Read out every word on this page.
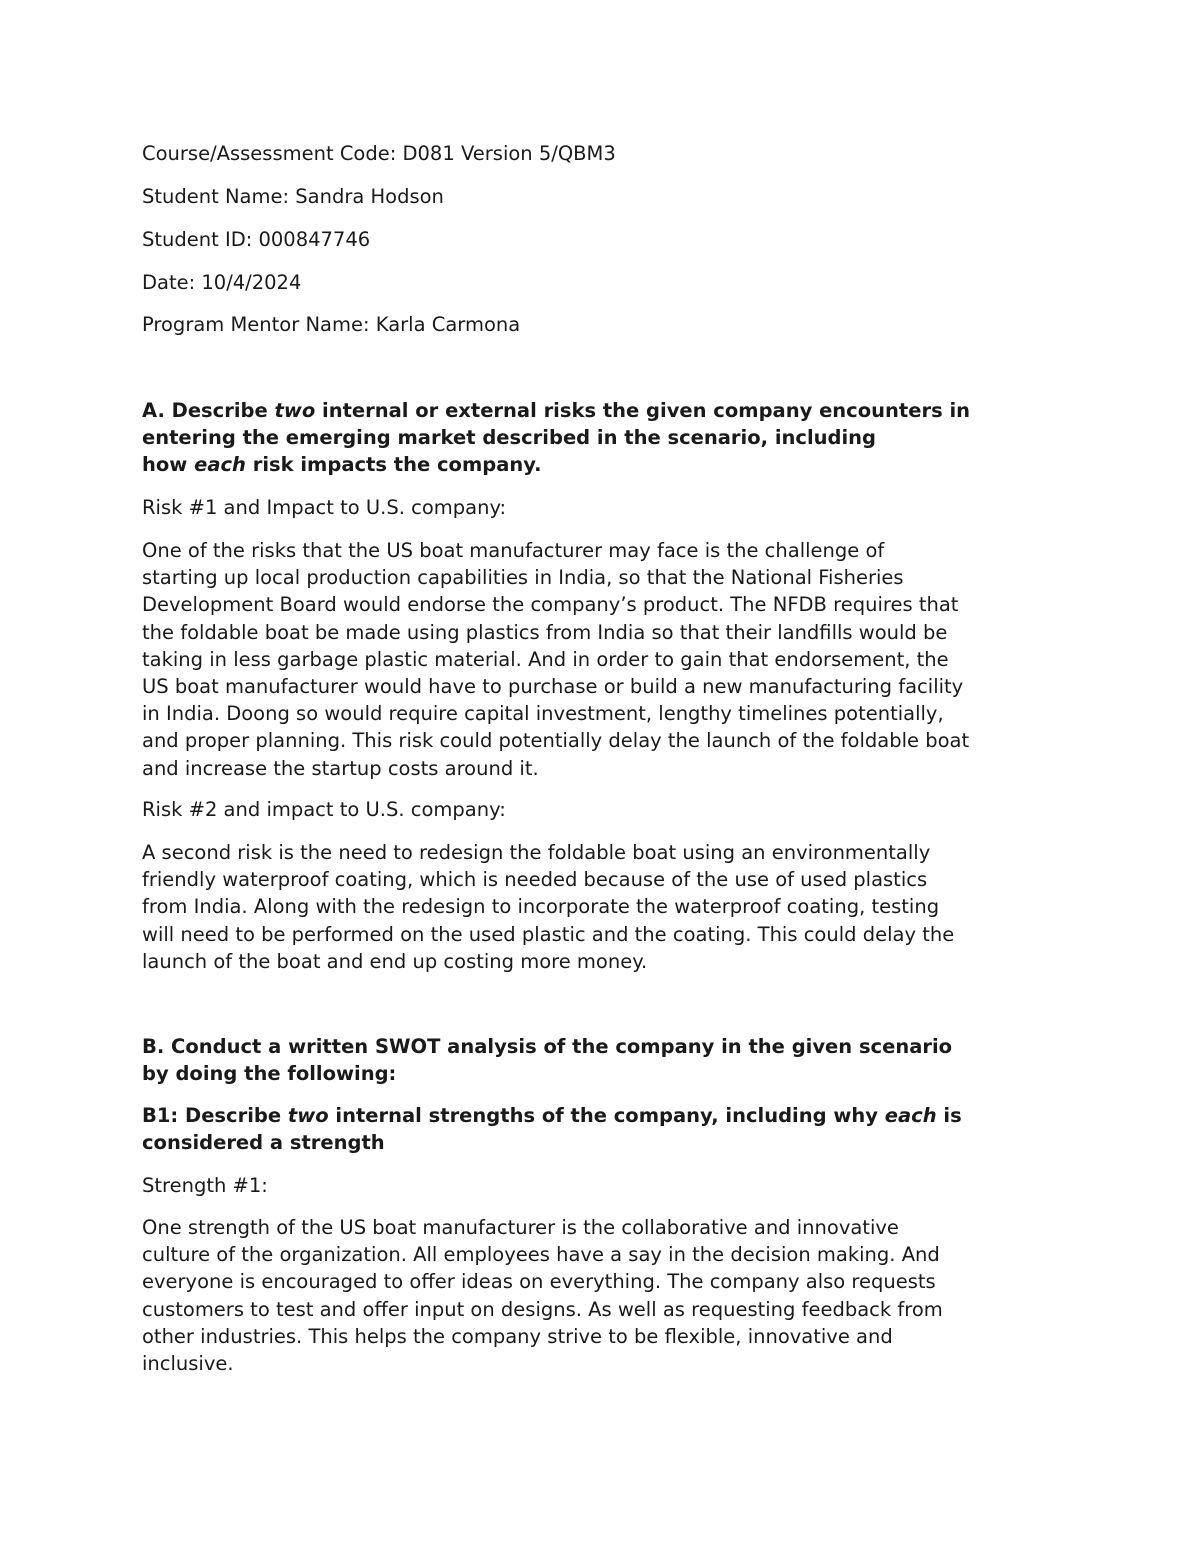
Course/Assessment Code: D081 Version 5/QBM3
Student Name: Sandra Hodson
Student ID: 000847746
Date: 10/4/2024
Program Mentor Name: Karla Carmona
A. Describe two internal or external risks the given company encounters in
entering the emerging market described in the scenario, including
how each risk impacts the company.
Risk #1 and Impact to U.S. company:
One of the risks that the US boat manufacturer may face is the challenge of
starting up local production capabilities in India, so that the National Fisheries
Development Board would endorse the company’s product. The NFDB requires that
the foldable boat be made using plastics from India so that their landfills would be
taking in less garbage plastic material. And in order to gain that endorsement, the
US boat manufacturer would have to purchase or build a new manufacturing facility
in India. Doong so would require capital investment, lengthy timelines potentially,
and proper planning. This risk could potentially delay the launch of the foldable boat
and increase the startup costs around it.
Risk #2 and impact to U.S. company:
A second risk is the need to redesign the foldable boat using an environmentally
friendly waterproof coating, which is needed because of the use of used plastics
from India. Along with the redesign to incorporate the waterproof coating, testing
will need to be performed on the used plastic and the coating. This could delay the
launch of the boat and end up costing more money.
B. Conduct a written SWOT analysis of the company in the given scenario
by doing the following:
B1: Describe two internal strengths of the company, including why each is
considered a strength
Strength #1:
One strength of the US boat manufacturer is the collaborative and innovative
culture of the organization. All employees have a say in the decision making. And
everyone is encouraged to offer ideas on everything. The company also requests
customers to test and offer input on designs. As well as requesting feedback from
other industries. This helps the company strive to be flexible, innovative and
inclusive.
